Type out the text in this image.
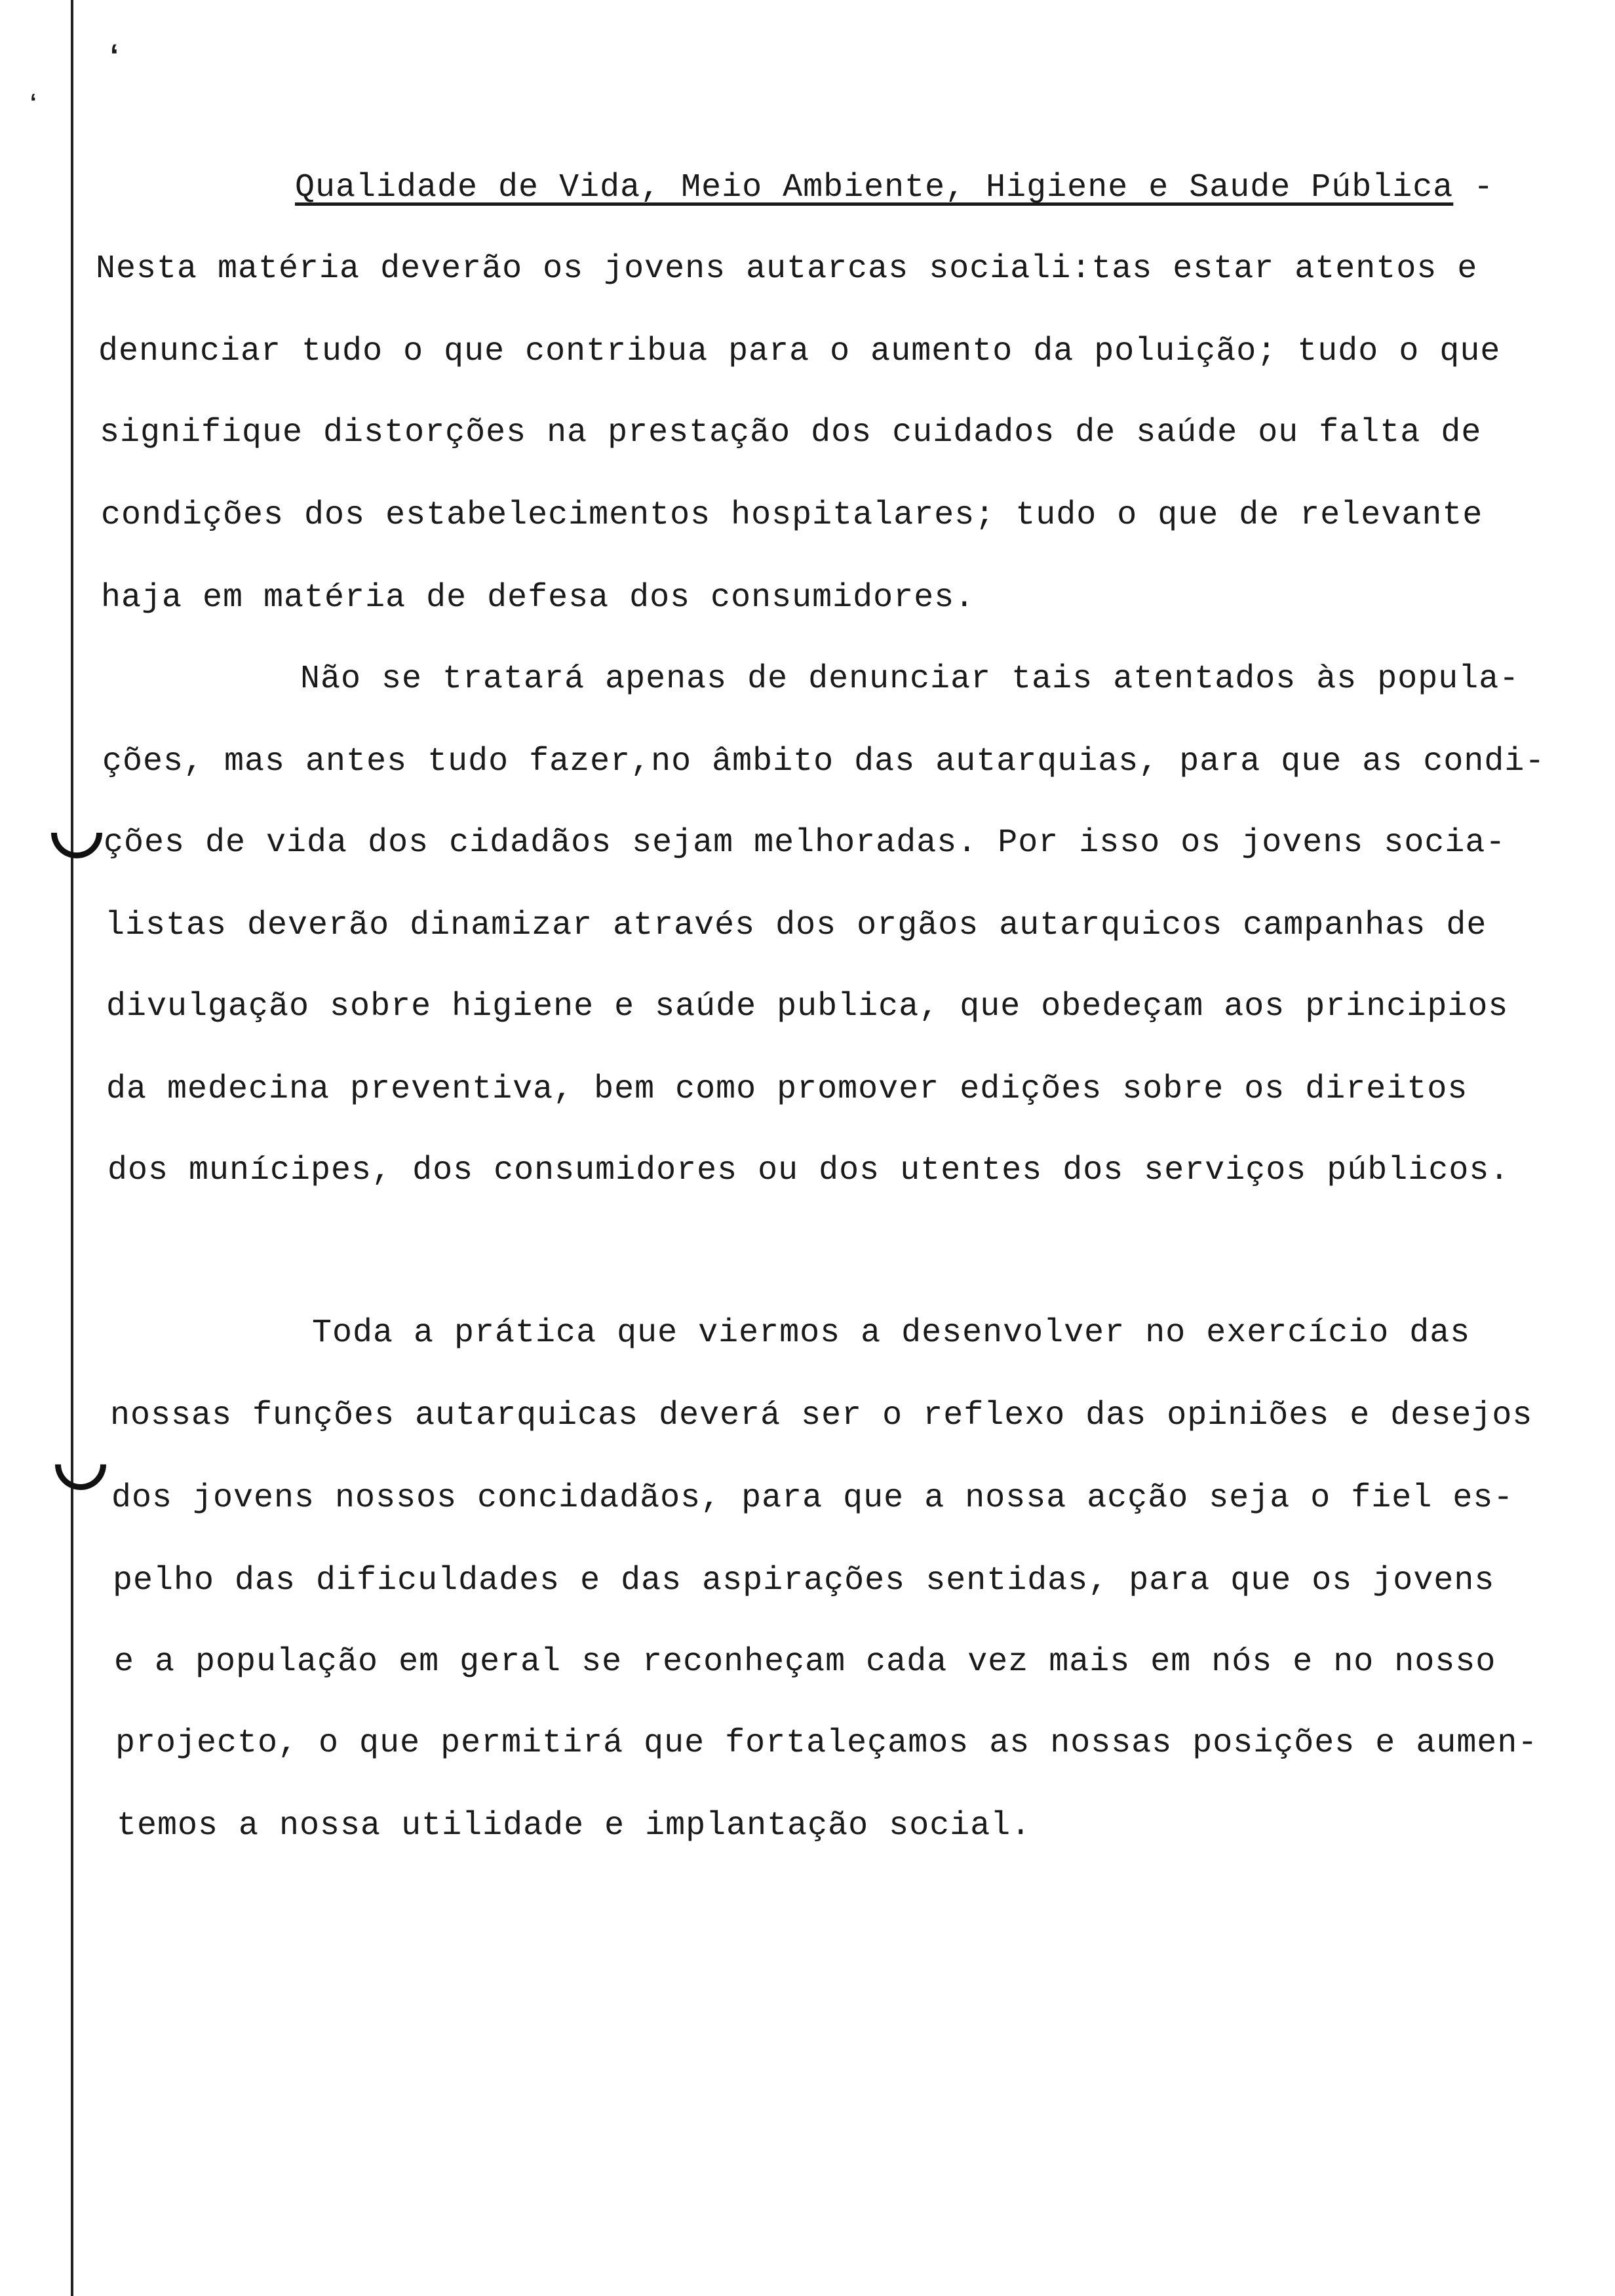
ʻ
ʻ
Qualidade de Vida, Meio Ambiente, Higiene e Saude Pública -
Nesta matéria deverão os jovens autarcas sociali:tas estar atentos e
denunciar tudo o que contribua para o aumento da poluição; tudo o que
signifique distorções na prestação dos cuidados de saúde ou falta de
condições dos estabelecimentos hospitalares; tudo o que de relevante
haja em matéria de defesa dos consumidores.
Não se tratará apenas de denunciar tais atentados às popula-
ções, mas antes tudo fazer,no âmbito das autarquias, para que as condi-
ções de vida dos cidadãos sejam melhoradas. Por isso os jovens socia-
listas deverão dinamizar através dos orgãos autarquicos campanhas de
divulgação sobre higiene e saúde publica, que obedeçam aos principios
da medecina preventiva, bem como promover edições sobre os direitos
dos munícipes, dos consumidores ou dos utentes dos serviços públicos.
Toda a prática que viermos a desenvolver no exercício das
nossas funções autarquicas deverá ser o reflexo das opiniões e desejos
dos jovens nossos concidadãos, para que a nossa acção seja o fiel es-
pelho das dificuldades e das aspirações sentidas, para que os jovens
e a população em geral se reconheçam cada vez mais em nós e no nosso
projecto, o que permitirá que fortaleçamos as nossas posições e aumen-
temos a nossa utilidade e implantação social.
